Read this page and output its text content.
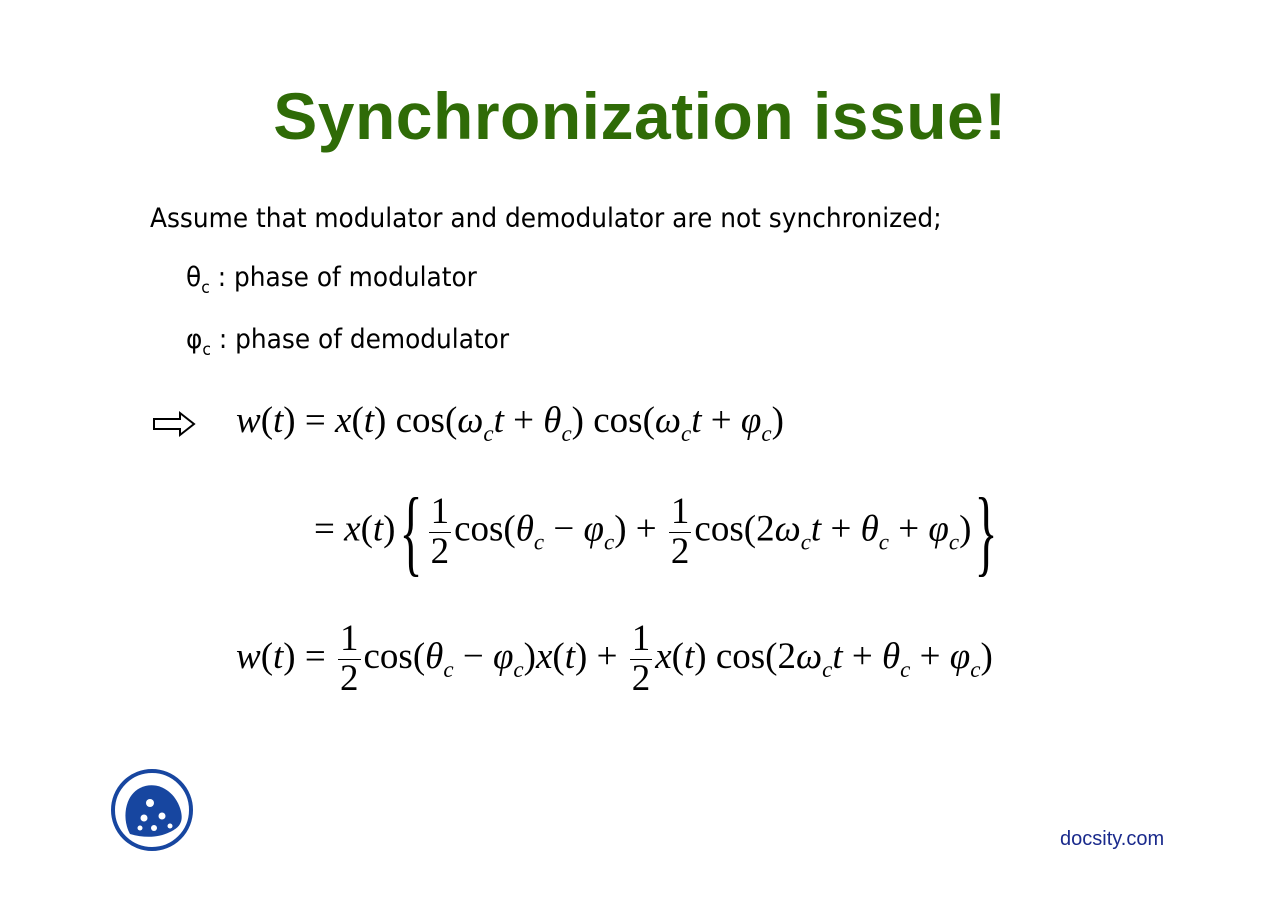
Synchronization issue!
Assume that modulator and demodulator are not synchronized;
$\theta_c$ : phase of modulator
$\varphi_c$ : phase of demodulator
w(t) = x(t) $\cos(\omega_ct + \theta_c) \cos(\omega_ct + \varphi_c)$
= $x(t)\{ \frac{1}{2} \cos(\theta_c - \varphi_c) + \frac{1}{2} \cos(2\omega_ct + \theta_c + \varphi_c)\}$
$w(t) = \frac{1}{2} \cos(\theta_c - \varphi_c)x(t) + \frac{1}{2} x(t) \cos(2\omega_ct + \theta_c + \varphi_c)$
docsity.com
